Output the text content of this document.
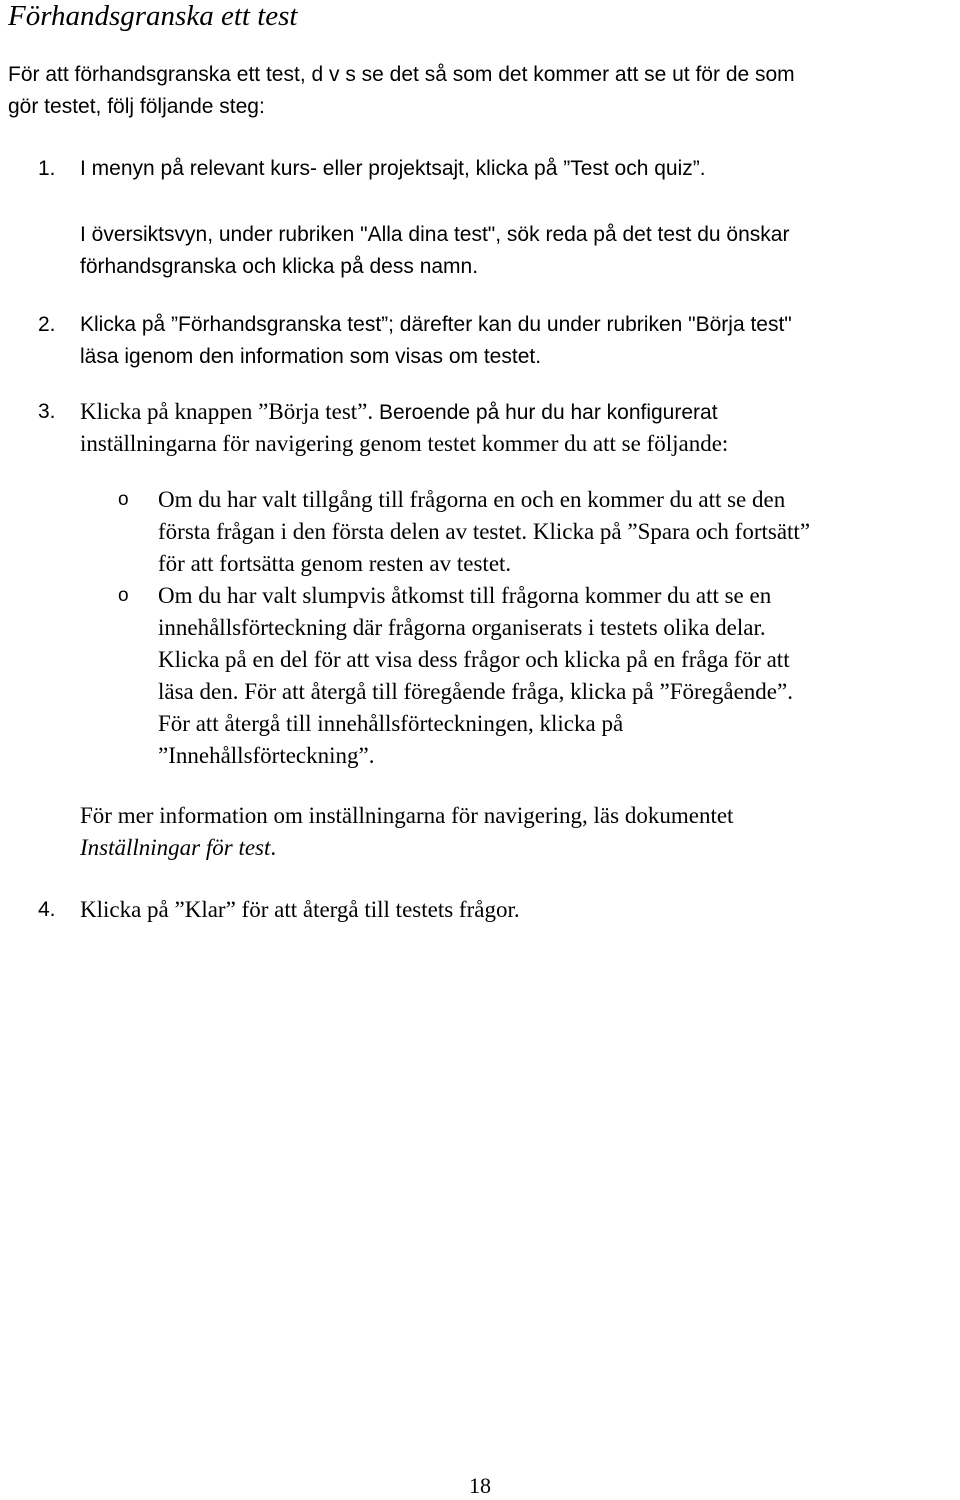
Förhandsgranska ett test
För att förhandsgranska ett test, d v s se det så som det kommer att se ut för de som
gör testet, följ följande steg:
1. I menyn på relevant kurs- eller projektsajt, klicka på ”Test och quiz”.
I översiktsvyn, under rubriken "Alla dina test", sök reda på det test du önskar
förhandsgranska och klicka på dess namn.
2. Klicka på ”Förhandsgranska test”; därefter kan du under rubriken "Börja test"
läsa igenom den information som visas om testet.
3. Klicka på knappen ”Börja test”. Beroende på hur du har konfigurerat
inställningarna för navigering genom testet kommer du att se följande:
o Om du har valt tillgång till frågorna en och en kommer du att se den
första frågan i den första delen av testet. Klicka på ”Spara och fortsätt”
för att fortsätta genom resten av testet.
o Om du har valt slumpvis åtkomst till frågorna kommer du att se en
innehållsförteckning där frågorna organiserats i testets olika delar.
Klicka på en del för att visa dess frågor och klicka på en fråga för att
läsa den. För att återgå till föregående fråga, klicka på ”Föregående”.
För att återgå till innehållsförteckningen, klicka på
”Innehållsförteckning”.
För mer information om inställningarna för navigering, läs dokumentet
Inställningar för test.
4. Klicka på ”Klar” för att återgå till testets frågor.
18
